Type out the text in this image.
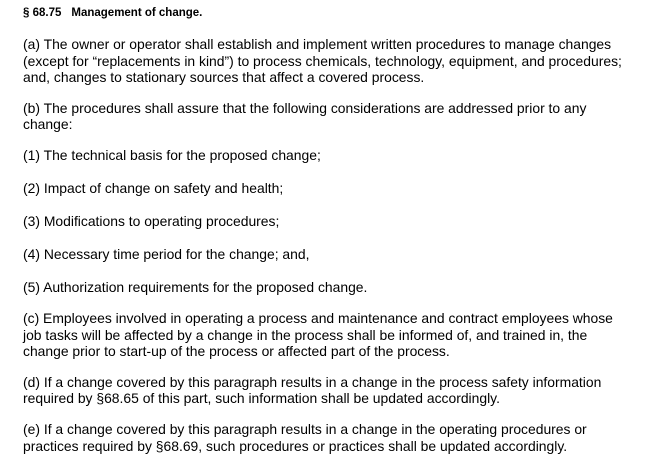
§ 68.75 Management of change.

(a) The owner or operator shall establish and implement written procedures to manage changes
(except for “replacements in kind”) to process chemicals, technology, equipment, and procedures;
and, changes to stationary sources that affect a covered process.

(b) The procedures shall assure that the following considerations are addressed prior to any
change:

(1) The technical basis for the proposed change;

(2) Impact of change on safety and health;

(3) Modifications to operating procedures;

(4) Necessary time period for the change; and,

(5) Authorization requirements for the proposed change.

(c) Employees involved in operating a process and maintenance and contract employees whose
job tasks will be affected by a change in the process shall be informed of, and trained in, the
change prior to start-up of the process or affected part of the process.

(d) If a change covered by this paragraph results in a change in the process safety information
required by §68.65 of this part, such information shall be updated accordingly.

(e) If a change covered by this paragraph results in a change in the operating procedures or
practices required by §68.69, such procedures or practices shall be updated accordingly.
